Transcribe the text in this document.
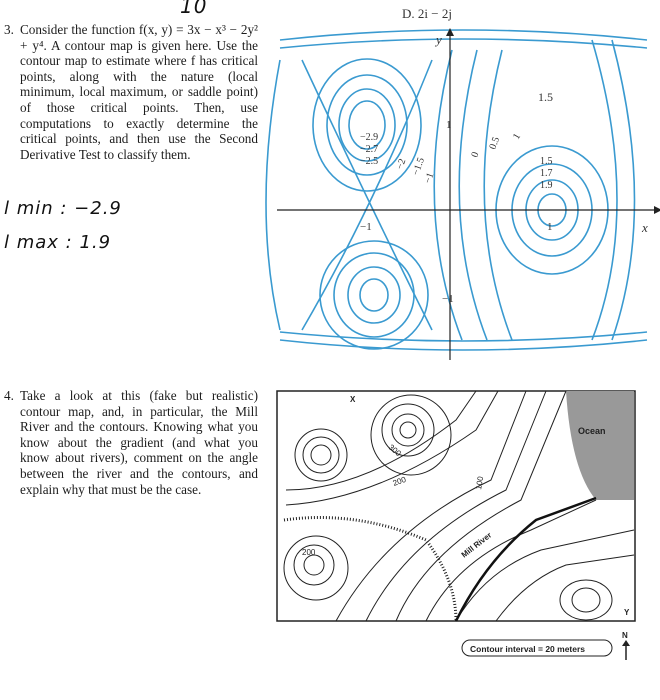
10
3. Consider the function f(x, y) = 3x − x³ − 2y² + y⁴. A contour map is given here. Use the contour map to estimate where f has critical points, along with the nature (local minimum, local maximum, or saddle point) of those critical points. Then, use computations to exactly determine the critical points, and then use the Second Derivative Test to classify them.

l min : −2.9
l max : 1.9
4. Take a look at this (fake but realistic) contour map, and, in particular, the Mill River and the contours. Knowing what you know about the gradient (and what you know about rivers), comment on the angle between the river and the contours, and explain why that must be the case.

D. 2i − 2j
y
x
−1
1
−1
1
−2.9
−2.7
−2.5 −2 −1.5
−1
0
0.5 1
1.5
1.7
1.9
1.5
Ocean
Mill River
300
200	100
200
X
Y
Contour interval = 20 meters
N
